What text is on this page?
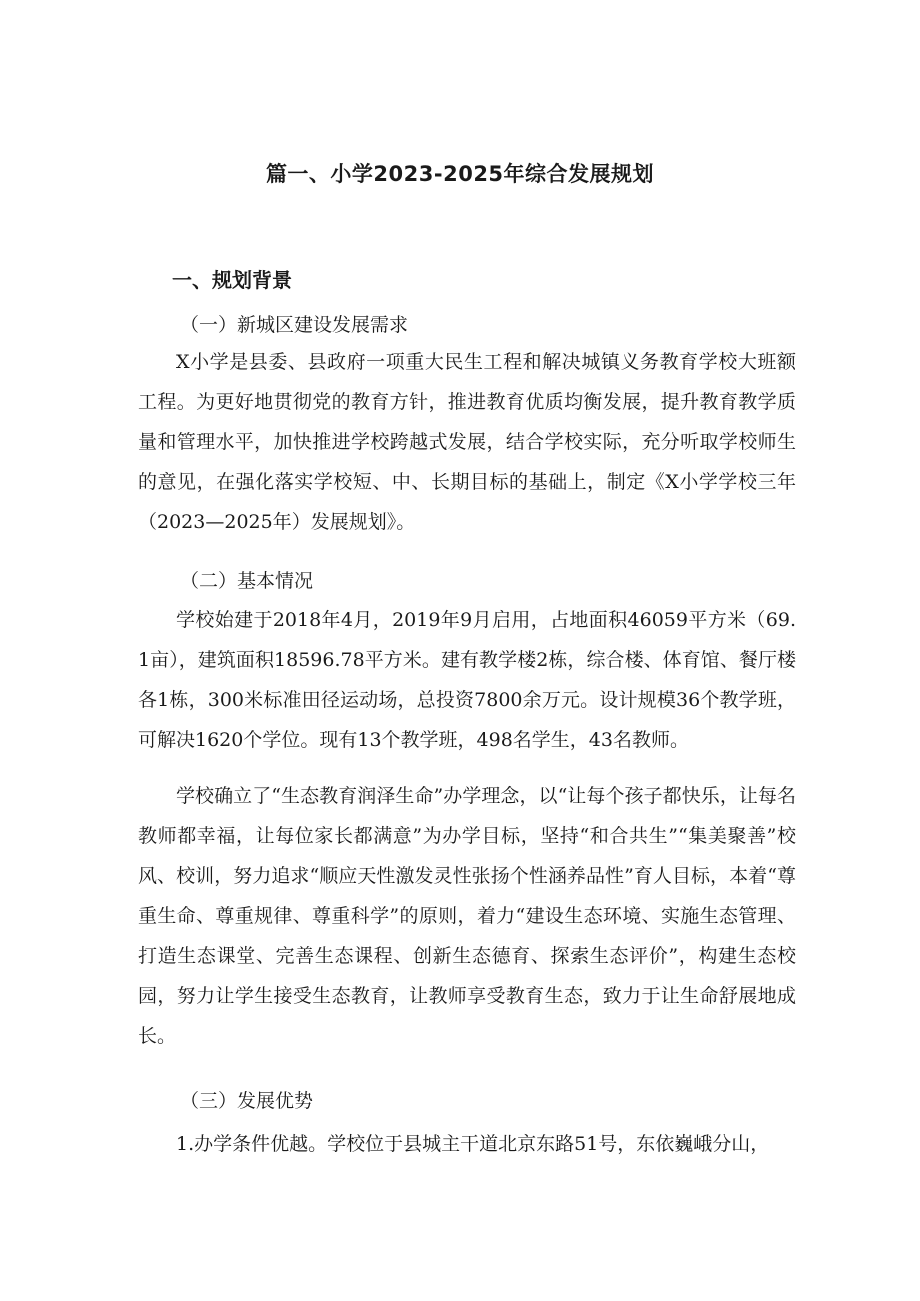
篇一、小学2023-2025年综合发展规划
一、规划背景
（一）新城区建设发展需求
X小学是县委、县政府一项重大民生工程和解决城镇义务教育学校大班额工程。为更好地贯彻党的教育方针，推进教育优质均衡发展，提升教育教学质量和管理水平，加快推进学校跨越式发展，结合学校实际，充分听取学校师生的意见，在强化落实学校短、中、长期目标的基础上，制定《X小学学校三年（2023—2025年）发展规划》。
（二）基本情况
学校始建于2018年4月，2019年9月启用，占地面积46059平方米（69.1亩），建筑面积18596.78平方米。建有教学楼2栋，综合楼、体育馆、餐厅楼各1栋，300米标准田径运动场，总投资7800余万元。设计规模36个教学班，可解决1620个学位。现有13个教学班，498名学生，43名教师。
学校确立了“生态教育润泽生命”办学理念，以“让每个孩子都快乐，让每名教师都幸福，让每位家长都满意”为办学目标，坚持“和合共生”“集美聚善”校风、校训，努力追求“顺应天性激发灵性张扬个性涵养品性”育人目标，本着“尊重生命、尊重规律、尊重科学”的原则，着力“建设生态环境、实施生态管理、打造生态课堂、完善生态课程、创新生态德育、探索生态评价”，构建生态校园，努力让学生接受生态教育，让教师享受教育生态，致力于让生命舒展地成长。
（三）发展优势
1.办学条件优越。学校位于县城主干道北京东路51号，东依巍峨分山，
